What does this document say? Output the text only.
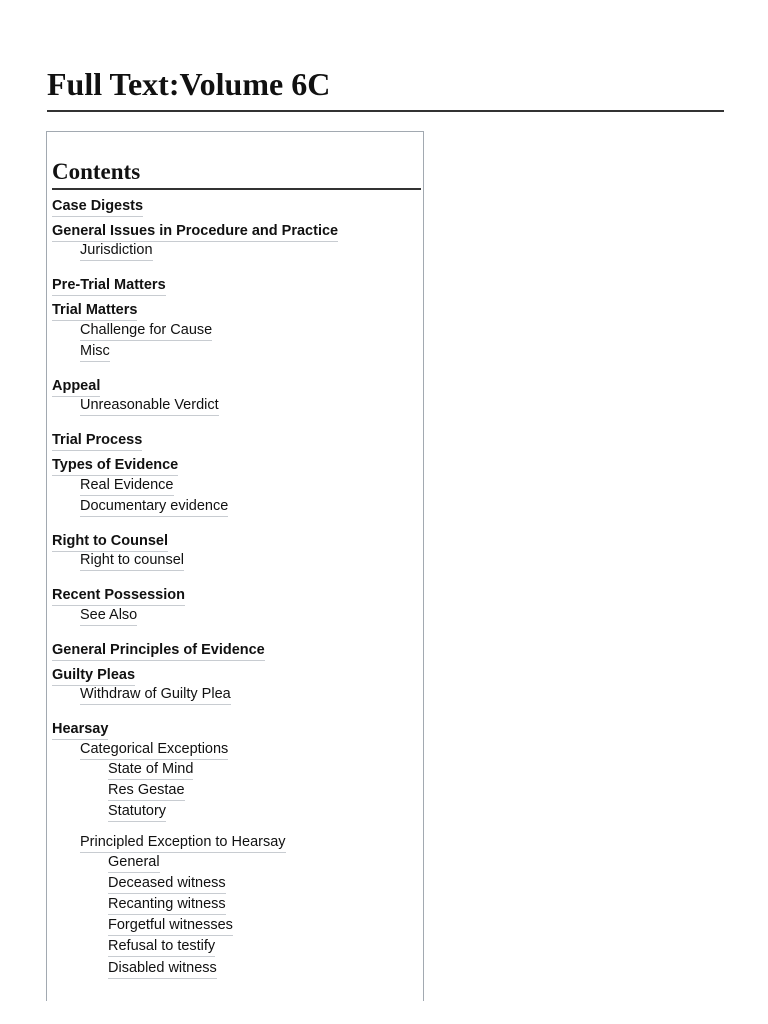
Full Text:Volume 6C
Contents
Case Digests
General Issues in Procedure and Practice
Jurisdiction
Pre-Trial Matters
Trial Matters
Challenge for Cause
Misc
Appeal
Unreasonable Verdict
Trial Process
Types of Evidence
Real Evidence
Documentary evidence
Right to Counsel
Right to counsel
Recent Possession
See Also
General Principles of Evidence
Guilty Pleas
Withdraw of Guilty Plea
Hearsay
Categorical Exceptions
State of Mind
Res Gestae
Statutory
Principled Exception to Hearsay
General
Deceased witness
Recanting witness
Forgetful witnesses
Refusal to testify
Disabled witness
